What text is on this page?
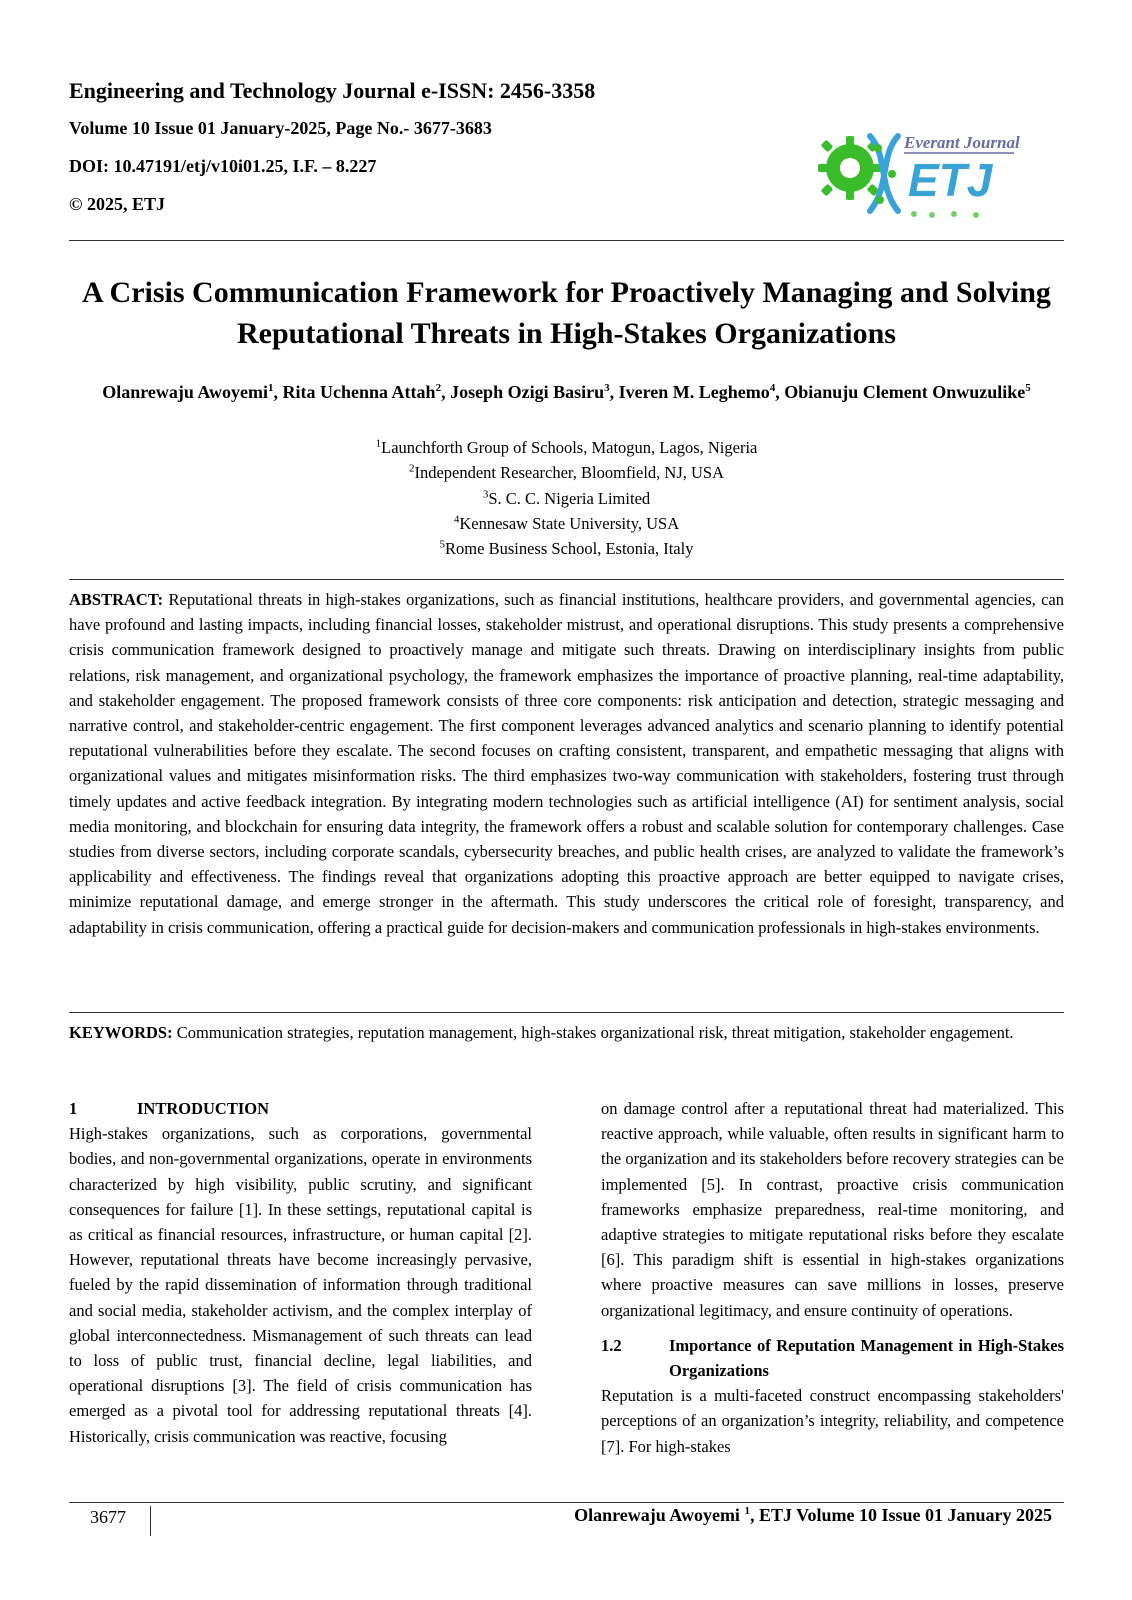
Engineering and Technology Journal e-ISSN: 2456-3358

Volume 10 Issue 01 January-2025, Page No.- 3677-3683

DOI: 10.47191/etj/v10i01.25, I.F. – 8.227

© 2025, ETJ

Everant Journal
ETJ
A Crisis Communication Framework for Proactively Managing and Solving
Reputational Threats in High-Stakes Organizations
Olanrewaju Awoyemi$^1$, Rita Uchenna Attah$^2$, Joseph Ozigi Basiru$^3$, Iveren M. Leghemo$^4$, Obianuju Clement Onwuzulike$^5$
$^1$Launchforth Group of Schools, Matogun, Lagos, Nigeria
$^2$Independent Researcher, Bloomfield, NJ, USA
$^3$S. C. C. Nigeria Limited
$^4$Kennesaw State University, USA
$^5$Rome Business School, Estonia, Italy

ABSTRACT: Reputational threats in high-stakes organizations, such as financial institutions, healthcare providers, and governmental agencies, can have profound and lasting impacts, including financial losses, stakeholder mistrust, and operational disruptions. This study presents a comprehensive crisis communication framework designed to proactively manage and mitigate such threats. Drawing on interdisciplinary insights from public relations, risk management, and organizational psychology, the framework emphasizes the importance of proactive planning, real-time adaptability, and stakeholder engagement. The proposed framework consists of three core components: risk anticipation and detection, strategic messaging and narrative control, and stakeholder-centric engagement. The first component leverages advanced analytics and scenario planning to identify potential reputational vulnerabilities before they escalate. The second focuses on crafting consistent, transparent, and empathetic messaging that aligns with organizational values and mitigates misinformation risks. The third emphasizes two-way communication with stakeholders, fostering trust through timely updates and active feedback integration. By integrating modern technologies such as artificial intelligence (AI) for sentiment analysis, social media monitoring, and blockchain for ensuring data integrity, the framework offers a robust and scalable solution for contemporary challenges. Case studies from diverse sectors, including corporate scandals, cybersecurity breaches, and public health crises, are analyzed to validate the framework’s applicability and effectiveness. The findings reveal that organizations adopting this proactive approach are better equipped to navigate crises, minimize reputational damage, and emerge stronger in the aftermath. This study underscores the critical role of foresight, transparency, and adaptability in crisis communication, offering a practical guide for decision-makers and communication professionals in high-stakes environments.

KEYWORDS: Communication strategies, reputation management, high-stakes organizational risk, threat mitigation, stakeholder engagement.

1	INTRODUCTION

High-stakes organizations, such as corporations, governmental bodies, and non-governmental organizations, operate in environments characterized by high visibility, public scrutiny, and significant consequences for failure [1]. In these settings, reputational capital is as critical as financial resources, infrastructure, or human capital [2]. However, reputational threats have become increasingly pervasive, fueled by the rapid dissemination of information through traditional and social media, stakeholder activism, and the complex interplay of global interconnectedness. Mismanagement of such threats can lead to loss of public trust, financial decline, legal liabilities, and operational disruptions [3]. The field of crisis communication has emerged as a pivotal tool for addressing reputational threats [4]. Historically, crisis communication was reactive, focusing

on damage control after a reputational threat had materialized. This reactive approach, while valuable, often results in significant harm to the organization and its stakeholders before recovery strategies can be implemented [5]. In contrast, proactive crisis communication frameworks emphasize preparedness, real-time monitoring, and adaptive strategies to mitigate reputational risks before they escalate [6]. This paradigm shift is essential in high-stakes organizations where proactive measures can save millions in losses, preserve organizational legitimacy, and ensure continuity of operations.

1.2	Importance of Reputation Management in High-Stakes Organizations

Reputation is a multi-faceted construct encompassing stakeholders' perceptions of an organization’s integrity, reliability, and competence [7]. For high-stakes

3677	Olanrewaju Awoyemi $^1$, ETJ Volume 10 Issue 01 January 2025
